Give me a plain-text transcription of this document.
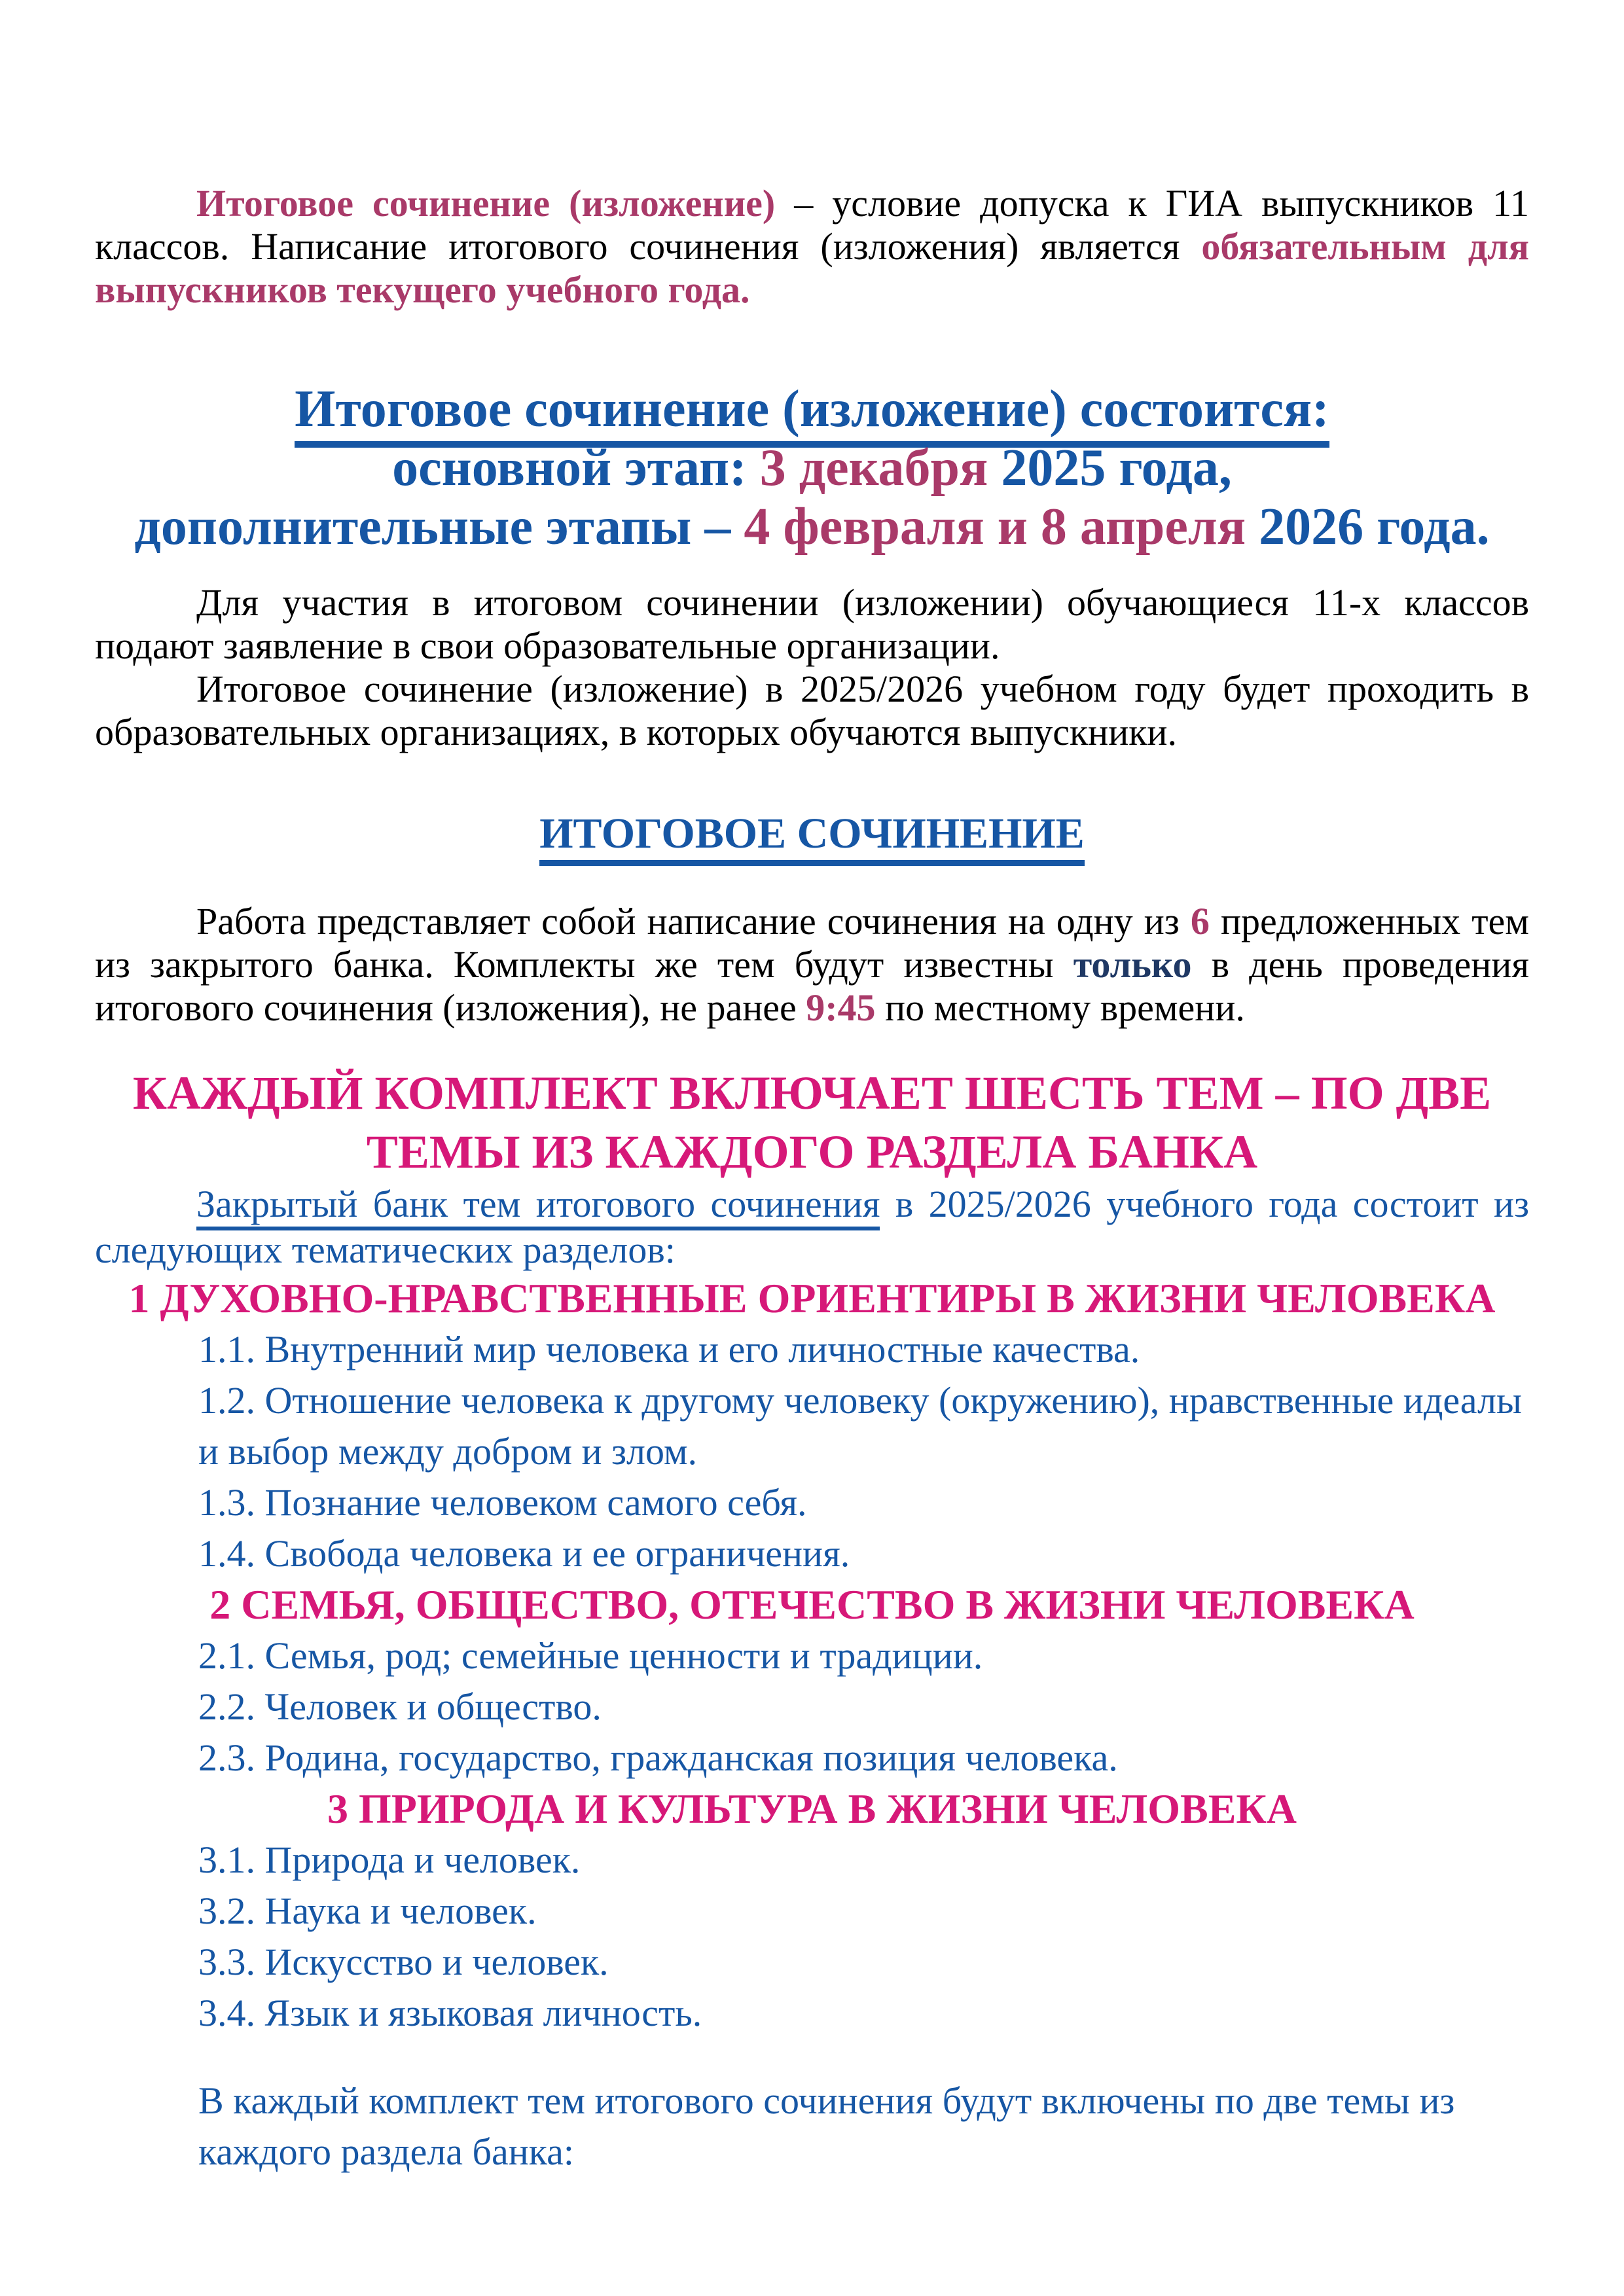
Итоговое сочинение (изложение) – условие допуска к ГИА выпускников 11 классов. Написание итогового сочинения (изложения) является обязательным для выпускников текущего учебного года.

Итоговое сочинение (изложение) состоится:
основной этап: 3 декабря 2025 года,
дополнительные этапы – 4 февраля и 8 апреля 2026 года.

Для участия в итоговом сочинении (изложении) обучающиеся 11-х классов подают заявление в свои образовательные организации.

Итоговое сочинение (изложение) в 2025/2026 учебном году будет проходить в образовательных организациях, в которых обучаются выпускники.

ИТОГОВОЕ СОЧИНЕНИЕ

Работа представляет собой написание сочинения на одну из 6 предложенных тем из закрытого банка. Комплекты же тем будут известны только в день проведения итогового сочинения (изложения), не ранее 9:45 по местному времени.

КАЖДЫЙ КОМПЛЕКТ ВКЛЮЧАЕТ ШЕСТЬ ТЕМ – ПО ДВЕ ТЕМЫ ИЗ КАЖДОГО РАЗДЕЛА БАНКА

Закрытый банк тем итогового сочинения в 2025/2026 учебного года состоит из следующих тематических разделов:

1 ДУХОВНО-НРАВСТВЕННЫЕ ОРИЕНТИРЫ В ЖИЗНИ ЧЕЛОВЕКА

1.1. Внутренний мир человека и его личностные качества.

1.2. Отношение человека к другому человеку (окружению), нравственные идеалы

и выбор между добром и злом.

1.3. Познание человеком самого себя.

1.4. Свобода человека и ее ограничения.

2 СЕМЬЯ, ОБЩЕСТВО, ОТЕЧЕСТВО В ЖИЗНИ ЧЕЛОВЕКА

2.1. Семья, род; семейные ценности и традиции.

2.2. Человек и общество.

2.3. Родина, государство, гражданская позиция человека.

3 ПРИРОДА И КУЛЬТУРА В ЖИЗНИ ЧЕЛОВЕКА

3.1. Природа и человек.

3.2. Наука и человек.

3.3. Искусство и человек.

3.4. Язык и языковая личность.

В каждый комплект тем итогового сочинения будут включены по две темы из каждого раздела банка:
